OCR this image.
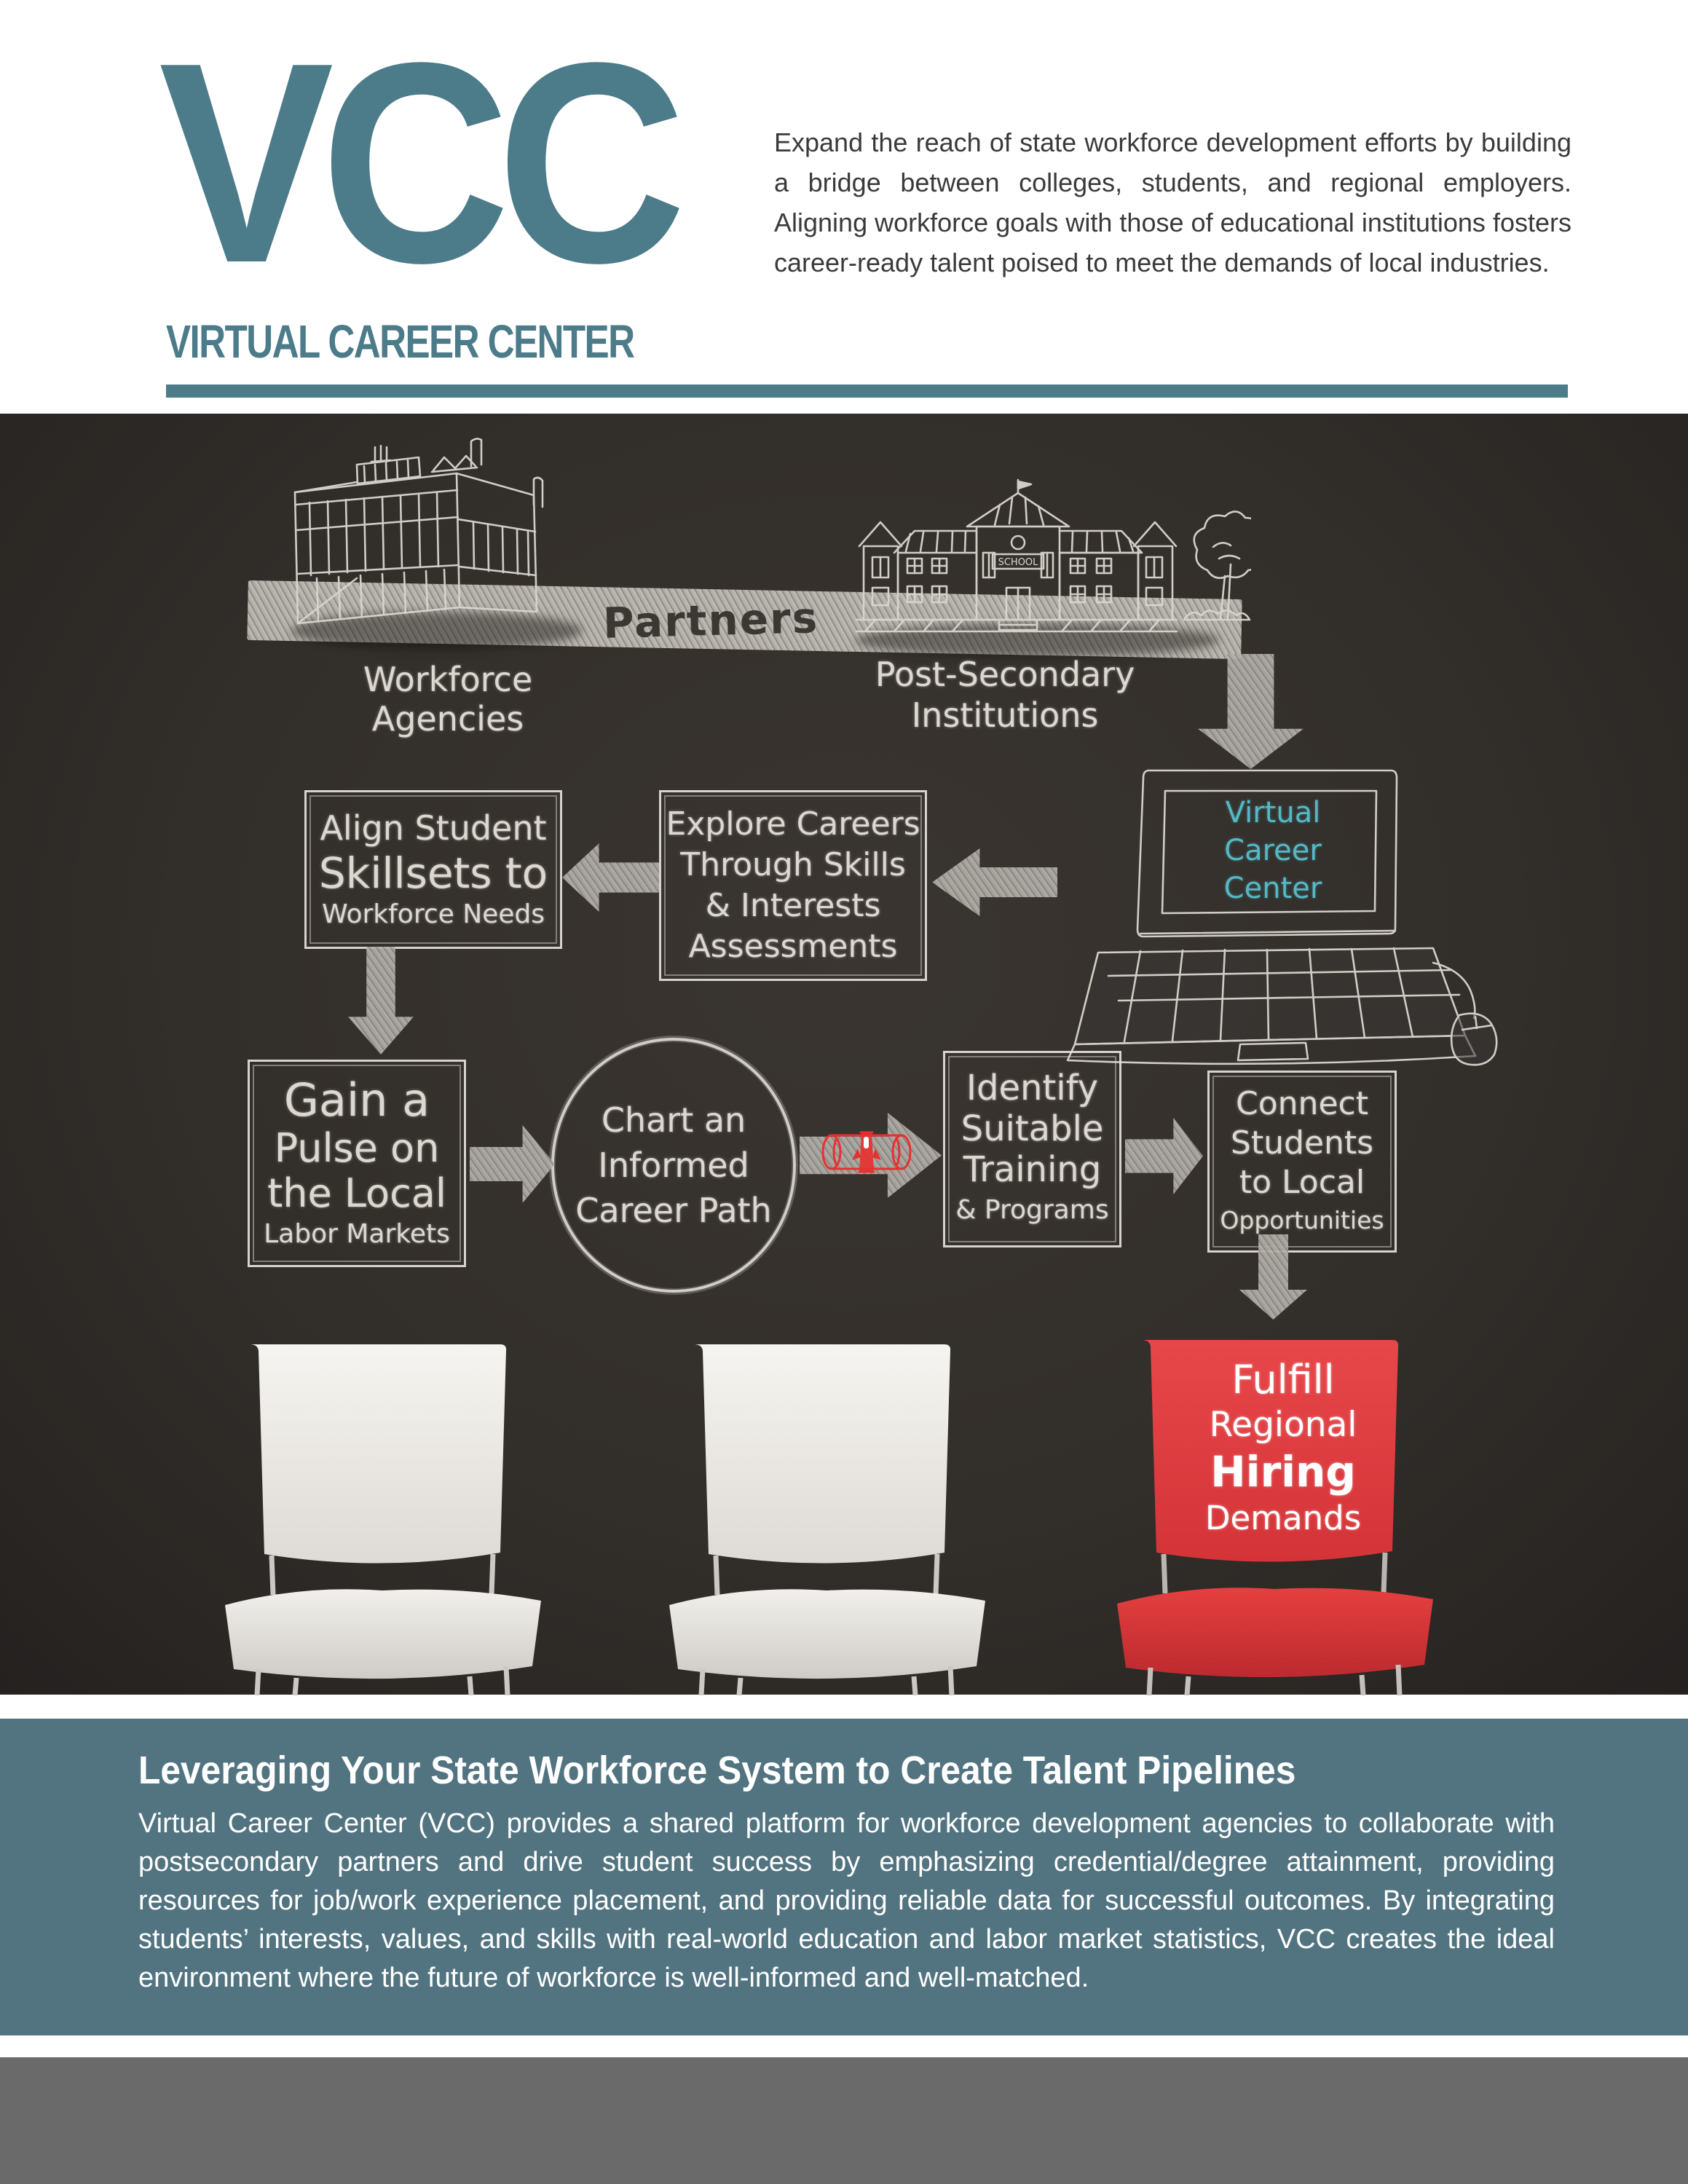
VCC
VIRTUAL CAREER CENTER
Expand the reach of state workforce development efforts by building a bridge between colleges, students, and regional employers. Aligning workforce goals with those of educational institutions fosters career-ready talent poised to meet the demands of local industries.
SCHOOL
Partners
Workforce
Agencies
Post-Secondary
Institutions
Virtual
Career
Center
Align Student
Skillsets to
Workforce Needs
Explore Careers
Through Skills
& Interests
Assessments
Gain a
Pulse on
the Local
Labor Markets
Chart an
Informed
Career Path
Identify
Suitable
Training
& Programs
Connect
Students
to Local
Opportunities
Fulfill
Regional
Hiring
Demands
Leveraging Your State Workforce System to Create Talent Pipelines
Virtual Career Center (VCC) provides a shared platform for workforce development agencies to collaborate with postsecondary partners and drive student success by emphasizing credential/degree attainment, providing resources for job/work experience placement, and providing reliable data for successful outcomes. By integrating students’ interests, values, and skills with real-world education and labor market statistics, VCC creates the ideal environment where the future of workforce is well-informed and well-matched.
